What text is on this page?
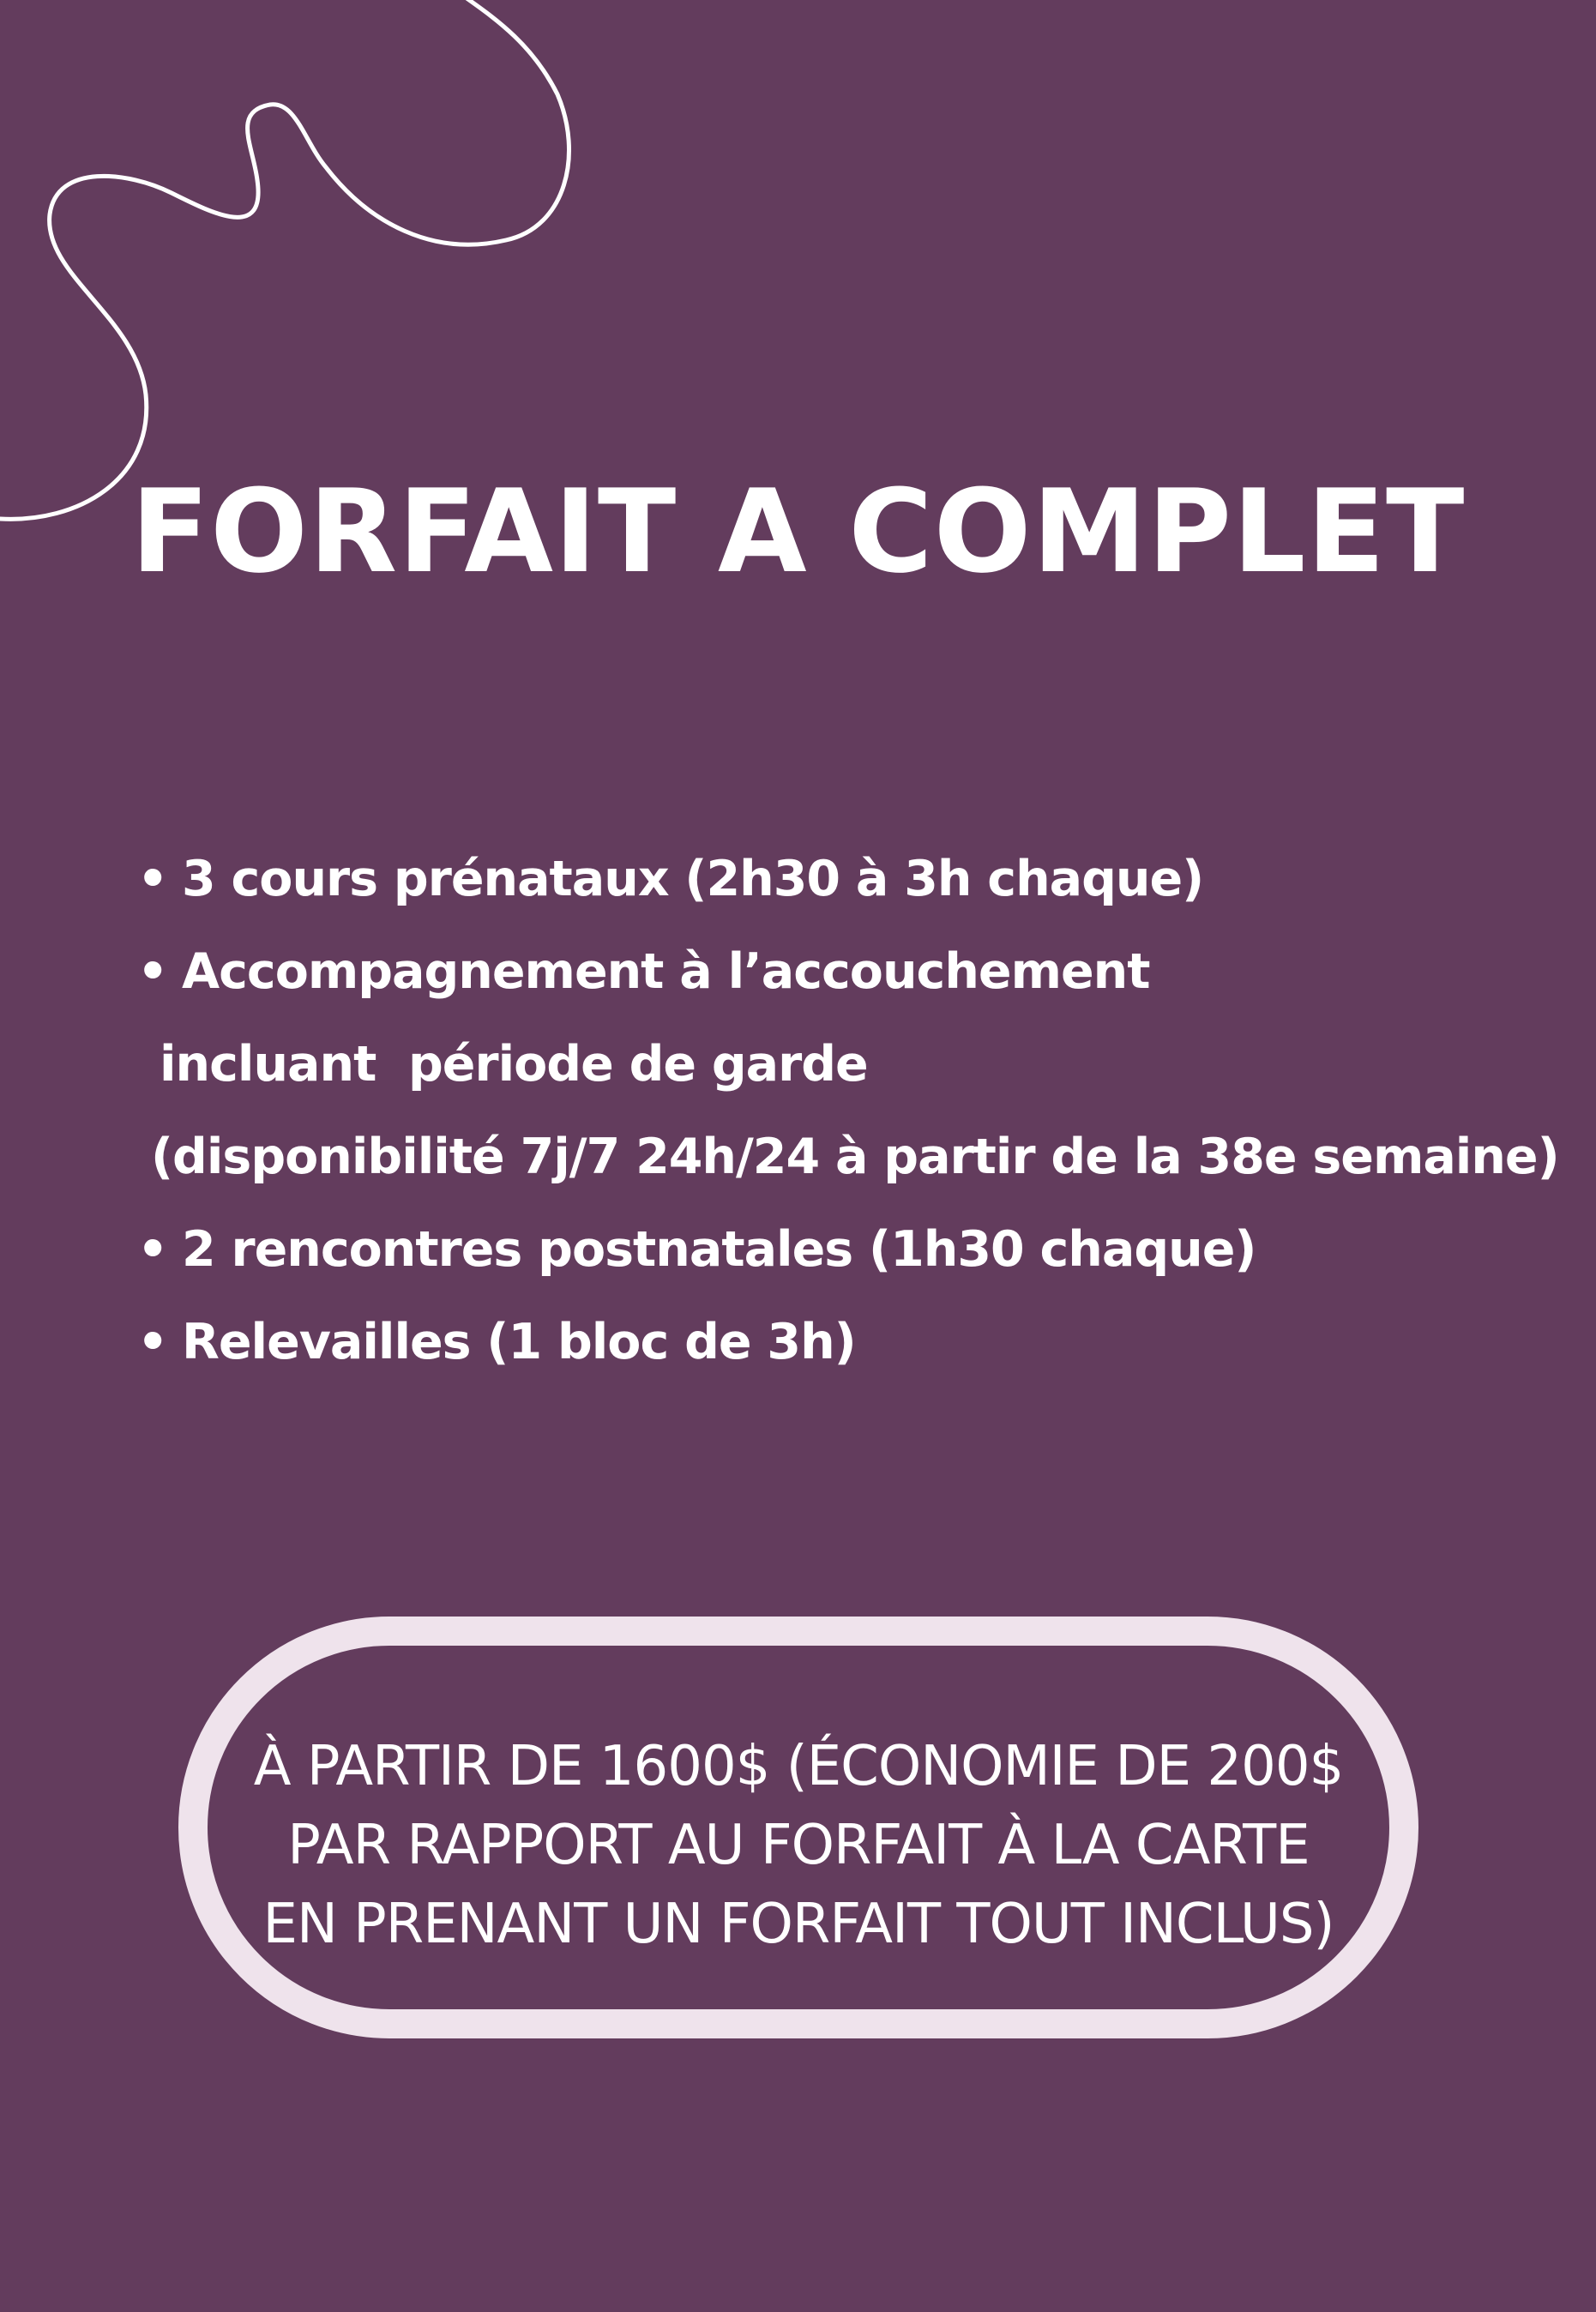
FORFAIT A COMPLET
• 3 cours prénataux (2h30 à 3h chaque)
• Accompagnement à l’accouchement
incluant  période de garde
(disponibilité 7j/7 24h/24 à partir de la 38e semaine)
• 2 rencontres postnatales (1h30 chaque)
• Relevailles (1 bloc de 3h)
À PARTIR DE 1600$ (ÉCONOMIE DE 200$
PAR RAPPORT AU FORFAIT À LA CARTE
EN PRENANT UN FORFAIT TOUT INCLUS)
